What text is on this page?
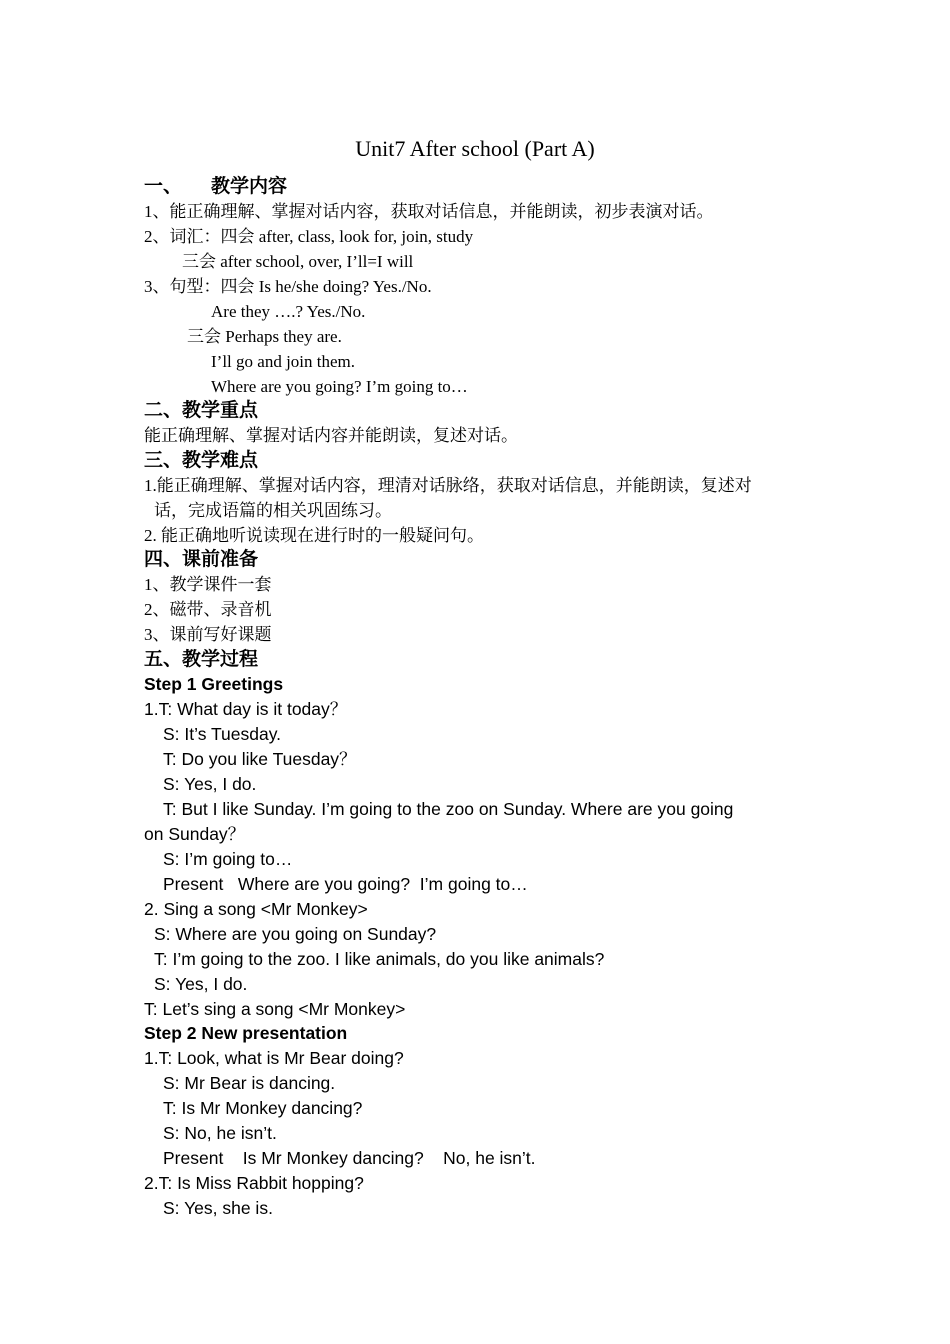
Unit7 After school (Part A)
一、 教学内容
1、能正确理解、掌握对话内容，获取对话信息，并能朗读，初步表演对话。
2、词汇：四会 after, class, look for, join, study
三会 after school, over, I’ll=I will
3、句型：四会 Is he/she doing? Yes./No.
Are they ….? Yes./No.
三会 Perhaps they are.
I’ll go and join them.
Where are you going? I’m going to…
二、教学重点
能正确理解、掌握对话内容并能朗读，复述对话。
三、教学难点
1.能正确理解、掌握对话内容，理清对话脉络，获取对话信息，并能朗读，复述对
话，完成语篇的相关巩固练习。
2. 能正确地听说读现在进行时的一般疑问句。
四、课前准备
1、教学课件一套
2、磁带、录音机
3、课前写好课题
五、教学过程
Step 1 Greetings
1.T: What day is it today？
S: It’s Tuesday.
T: Do you like Tuesday？
S: Yes, I do.
T: But I like Sunday. I’m going to the zoo on Sunday. Where are you going
on Sunday？
S: I’m going to…
Present   Where are you going?  I’m going to…
2. Sing a song <Mr Monkey>
S: Where are you going on Sunday?
T: I’m going to the zoo. I like animals, do you like animals?
S: Yes, I do.
T: Let’s sing a song <Mr Monkey>
Step 2 New presentation
1.T: Look, what is Mr Bear doing?
S: Mr Bear is dancing.
T: Is Mr Monkey dancing?
S: No, he isn’t.
Present    Is Mr Monkey dancing?    No, he isn’t.
2.T: Is Miss Rabbit hopping?
S: Yes, she is.
